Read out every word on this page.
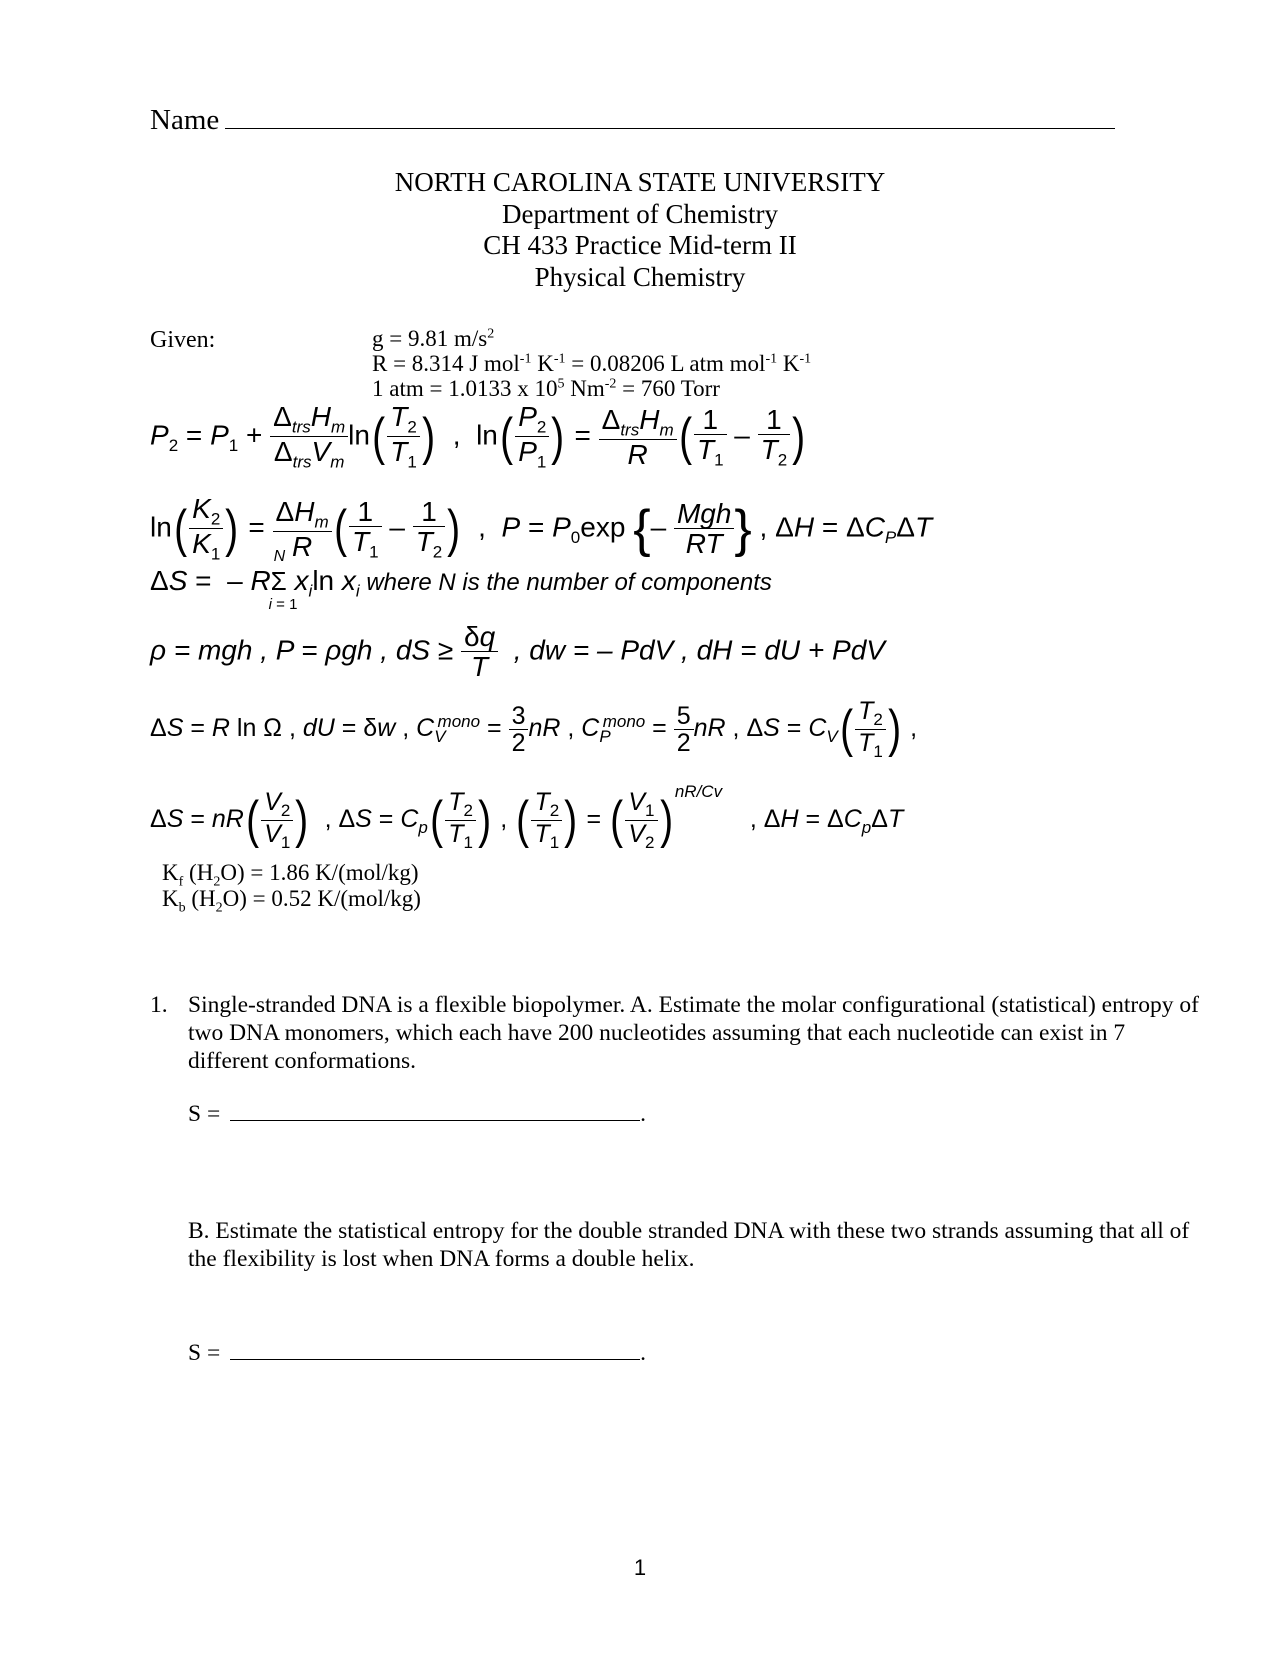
Name
NORTH CAROLINA STATE UNIVERSITY
Department of Chemistry
CH 433 Practice Mid-term II
Physical Chemistry
Given:	g = 9.81 $m/s^2$
R = 8.314 J mol$^{-1}$ $K^{-1} = 0.08206$ L atm mol$^{-1}$ $K^{-1}$
1 atm = 1.0133 x $10^5$ $Nm^{-2} = 760$ Torr
$P_2 = P_1 + \frac{\Delta_{trs}H_m}{\Delta_{trs}V_m} \ln( \frac{T_2}{T_1}$ )  ,  $\ln( \frac{P_2}{P_1}$ ) = $\frac{\Delta_{trs}H_m}{R}$ ( $\frac{1}{T_1} - \frac{1}{T_2}$ )
$\ln( \frac{K_2}{K_1}$ ) = $\frac{\Delta H_m}{R}$ ( $\frac{1}{T_1} - \frac{1}{T_2}$ )  ,  $P = P_0\exp$ {– $\frac{\text{Mgh}}{RT}$ } , $\Delta H = \Delta C_P\Delta T$
ΔS =  – R
N
Σ
i = 1
$x_i\ln$ $x_i$ where N is the number of components
ρ = mgh , P = ρgh , dS ≥ $\frac{\delta q}{T}$ , dw = – PdV , dH = dU + PdV
ΔS = R ln Ω , dU = δw , $C_V^{mono} = \frac{3}{2}$ nR , $C_P^{mono} = \frac{5}{2}$ nR , $\Delta S = C_V( \frac{T_2}{T_1}$ ) ,
$\Delta S = nR( \frac{V_2}{V_1}$ )  , $\Delta S = C_p( \frac{T_2}{T_1}$ ) , ( $\frac{T_2}{T_1}$ ) = ( $\frac{V_1}{V_2}$ ) $^{nR/Cv}$    , $\Delta H = \Delta C_p\Delta T$
$K_f$ $(H_2O) = 1.86$ K/(mol/kg)
$K_b$ $(H_2O) = 0.52$ K/(mol/kg)
1. Single-stranded DNA is a flexible biopolymer. A. Estimate the molar configurational (statistical) entropy of two DNA monomers, which each have 200 nucleotides assuming that each nucleotide can exist in 7 different conformations.
S =	.
B. Estimate the statistical entropy for the double stranded DNA with these two strands assuming that all of the flexibility is lost when DNA forms a double helix.
S =	.
1
